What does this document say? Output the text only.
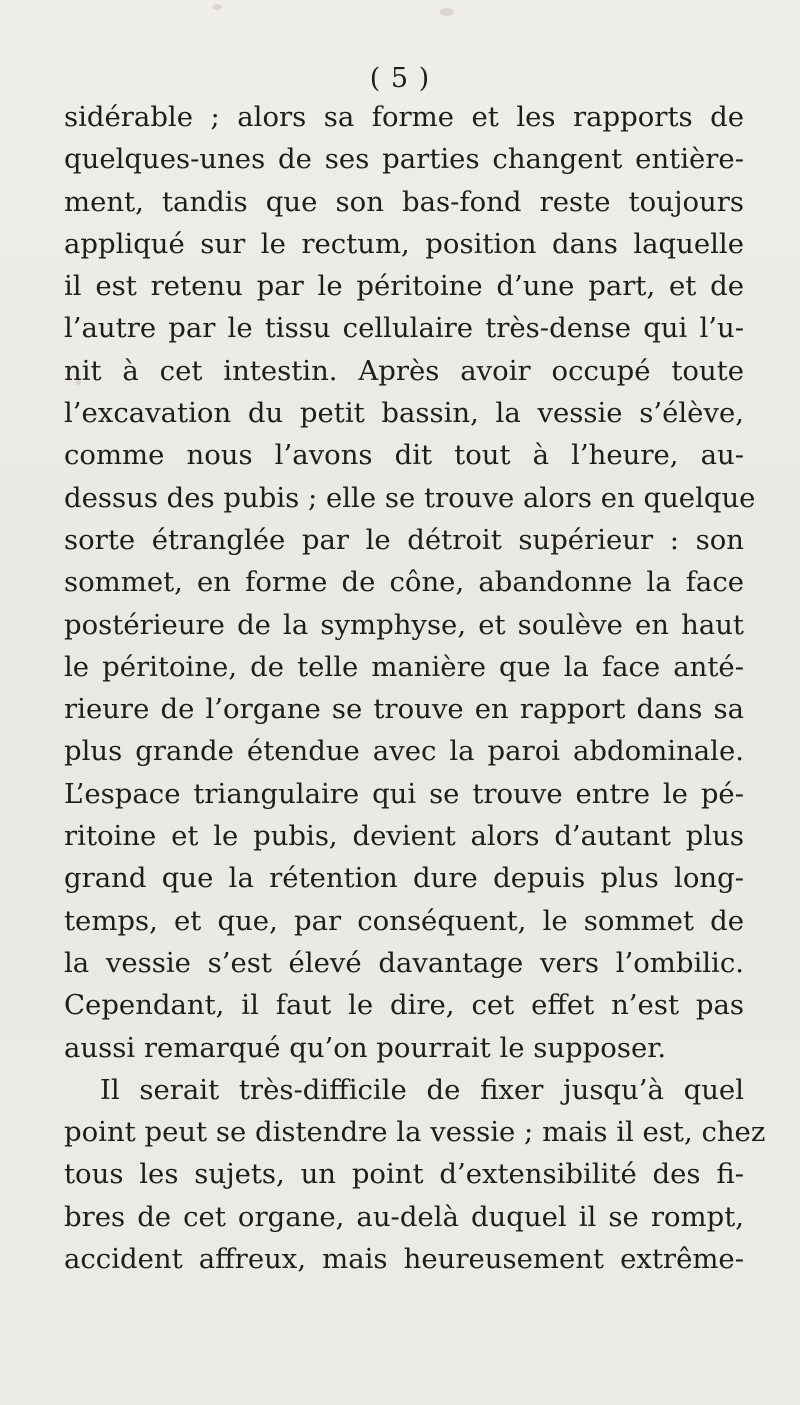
( 5 )
sidérable ; alors sa forme et les rapports de
quelques-unes de ses parties changent entière-
ment, tandis que son bas-fond reste toujours
appliqué sur le rectum, position dans laquelle
il est retenu par le péritoine d’une part, et de
l’autre par le tissu cellulaire très-dense qui l’u-
nit à cet intestin. Après avoir occupé toute
l’excavation du petit bassin, la vessie s’élève,
comme nous l’avons dit tout à l’heure, au-
dessus des pubis ; elle se trouve alors en quelque
sorte étranglée par le détroit supérieur : son
sommet, en forme de cône, abandonne la face
postérieure de la symphyse, et soulève en haut
le péritoine, de telle manière que la face anté-
rieure de l’organe se trouve en rapport dans sa
plus grande étendue avec la paroi abdominale.
L’espace triangulaire qui se trouve entre le pé-
ritoine et le pubis, devient alors d’autant plus
grand que la rétention dure depuis plus long-
temps, et que, par conséquent, le sommet de
la vessie s’est élevé davantage vers l’ombilic.
Cependant, il faut le dire, cet effet n’est pas
aussi remarqué qu’on pourrait le supposer.
Il serait très-difficile de fixer jusqu’à quel
point peut se distendre la vessie ; mais il est, chez
tous les sujets, un point d’extensibilité des fi-
bres de cet organe, au-delà duquel il se rompt,
accident affreux, mais heureusement extrême-
